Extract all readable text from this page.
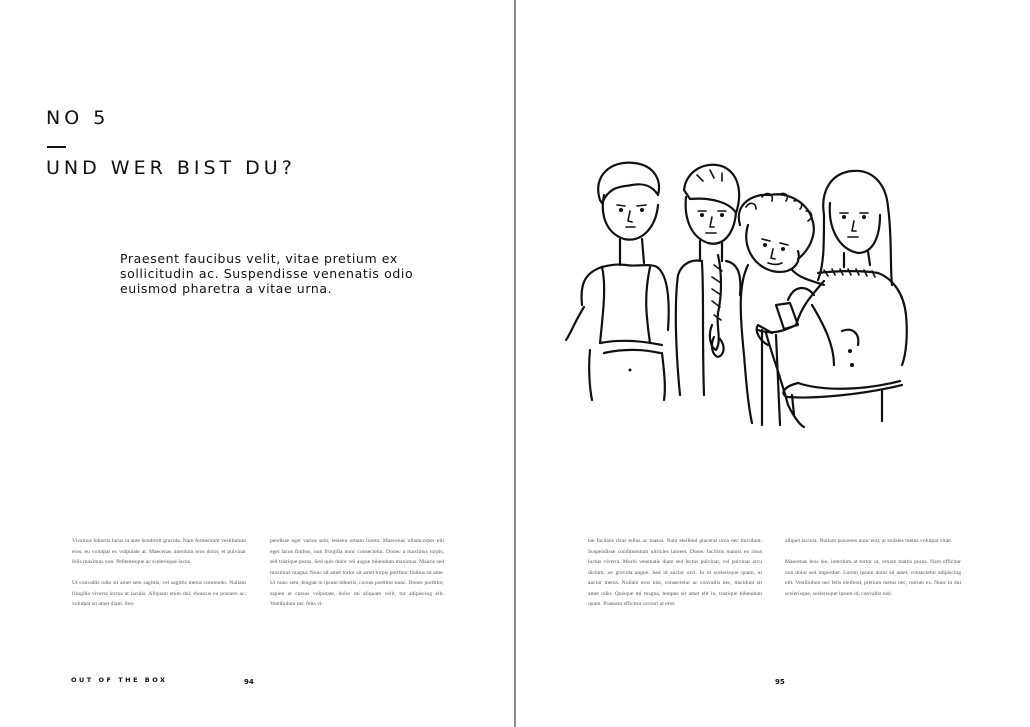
NO 5
UND WER BIST DU?

Praesent faucibus velit, vitae pretium ex sollicitudin ac. Suspendisse venenatis odio euismod pharetra a vitae urna.

Vivamus lobortis lacus ut ante hendrerit gravida. Nam fermentum vestibulum eros, eu volutpat ex vulputate at. Maecenas interdum eros dolor, et pulvinar felis maximus non. Pellentesque ac scelerisque lacus.

Ut convallis odio sit amet sem sagittis, vel sagittis metus commodo. Nullam fringilla viverra lectus at iaculis. Aliquam enim dui, rhoncus eu posuere ac, volutpat sit amet diam. Sus-

pendisse eget varius sem, tesieeu ornam lorem. Maecenas ullamcorper elit eget lacus finibus, non fringilla nunc consectetur. Donec a maximus turpis, sed tristique purus. Sed quis dolor vel augue bibendum maximus. Mauris sed maximus magna. Nunc sit amet tortor sit amet turpis porttitor finibus sit ame. Ut nunc sem, feugiat in ipsum lobortis, cursus porttitor nunc. Donec porttitor, sapien at cursus vulputate, dolor mi aliquam velit, tur adipiscing elit. Vestibulum nec felis vi-

OUT OF THE BOX	94

tae facilisis risus tellus ac massa. Nam eleifend placerat urna nec tincidunt. Suspendisse condimentum ultricies laoreet. Donec facilisis mauris eu risus luctus viverra. Morbi venenatis diam sed lectus pulvinar, vel pulvinar arcu dictum. ue gravida augue. Sed id auctor orci. In ut scelerisque quam, ut auctor metus. Nullam eros nisi, consectetur ac convallis nec, tincidunt sit amet odio. Quisque mi magna, tempus sit amet elit in, tristique bibendum quam. Praesent efficitur orcsari ut eros

aliquet lacinia. Nullam posueres nunc erat, at sodales metus volutpat vitae.

Maecenas leos leo, interdum at tortor ut, ornare mattis purus. Nam efficitur non dolor sed imperdiet. Lorem ipsum dolor sit amet, consectetur adipiscing elit. Vestibulum nec felis eleifend, pretium metus nec, rutrum ex. Nunc in dui scelerisque, scelerisque ipsum id, convallis nisl.

95
